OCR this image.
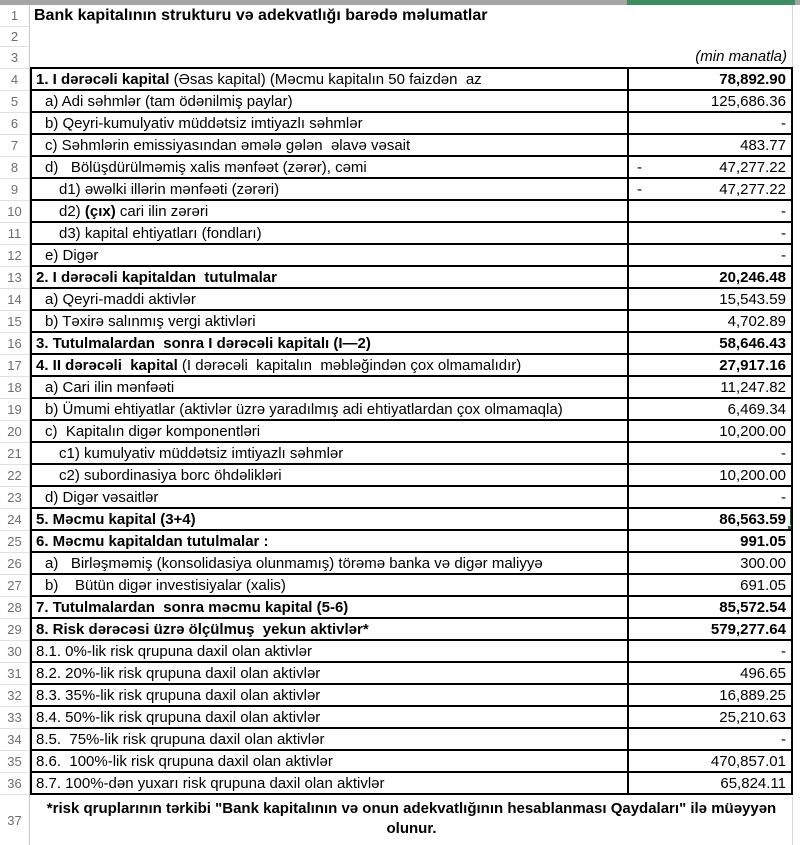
1
2
3
4
5
6
7
8
9
10
11
12
13
14
15
16
17
18
19
20
21
22
23
24
25
26
27
28
29
30
31
32
33
34
35
36
37
Bank kapitalının strukturu və adekvatlığı barədə məlumatlar
(min manatla)
1. I dərəcəli kapital (Əsas kapital) (Məcmu kapitalın 50 faizdən  az	78,892.90
a) Adi səhmlər (tam ödənilmiş paylar)	125,686.36
b) Qeyri-kumulyativ müddətsiz imtiyazlı səhmlər	-
c) Səhmlərin emissiyasından əmələ gələn  əlavə vəsait	483.77
d)   Bölüşdürülməmiş xalis mənfəət (zərər), cəmi	-	47,277.22
d1) əwəlki illərin mənfəəti (zərəri)	-	47,277.22
d2) (çıx) cari ilin zərəri	-
d3) kapital ehtiyatları (fondları)	-
e) Digər	-
2. I dərəcəli kapitaldan  tutulmalar	20,246.48
a) Qeyri-maddi aktivlər	15,543.59
b) Təxirə salınmış vergi aktivləri	4,702.89
3. Tutulmalardan  sonra I dərəcəli kapitalı (I—2)	58,646.43
4. II dərəcəli  kapital (I dərəcəli  kapitalın  məbləğindən çox olmamalıdır)	27,917.16
a) Cari ilin mənfəəti	11,247.82
b) Ümumi ehtiyatlar (aktivlər üzrə yaradılmış adi ehtiyatlardan çox olmamaqla)	6,469.34
c)  Kapitalın digər komponentləri	10,200.00
c1) kumulyativ müddətsiz imtiyazlı səhmlər	-
c2) subordinasiya borc öhdəlikləri	10,200.00
d) Digər vəsaitlər	-
5. Məcmu kapital (3+4)	86,563.59
6. Məcmu kapitaldan tutulmalar :	991.05
a)   Birləşməmiş (konsolidasiya olunmamış) törəmə banka və digər maliyyə	300.00
b)    Bütün digər investisiyalar (xalis)	691.05
7. Tutulmalardan  sonra məcmu kapital (5-6)	85,572.54
8. Risk dərəcəsi üzrə ölçülmuş  yekun aktivlər*	579,277.64
8.1. 0%-lik risk qrupuna daxil olan aktivlər	-
8.2. 20%-lik risk qrupuna daxil olan aktivlər	496.65
8.3. 35%-lik risk qrupuna daxil olan aktivlər	16,889.25
8.4. 50%-lik risk qrupuna daxil olan aktivlər	25,210.63
8.5.  75%-lik risk qrupuna daxil olan aktivlər	-
8.6.  100%-lik risk qrupuna daxil olan aktivlər	470,857.01
8.7. 100%-dən yuxarı risk qrupuna daxil olan aktivlər	65,824.11
*risk qruplarının tərkibi "Bank kapitalının və onun adekvatlığının hesablanması Qaydaları" ilə müəyyən olunur.
